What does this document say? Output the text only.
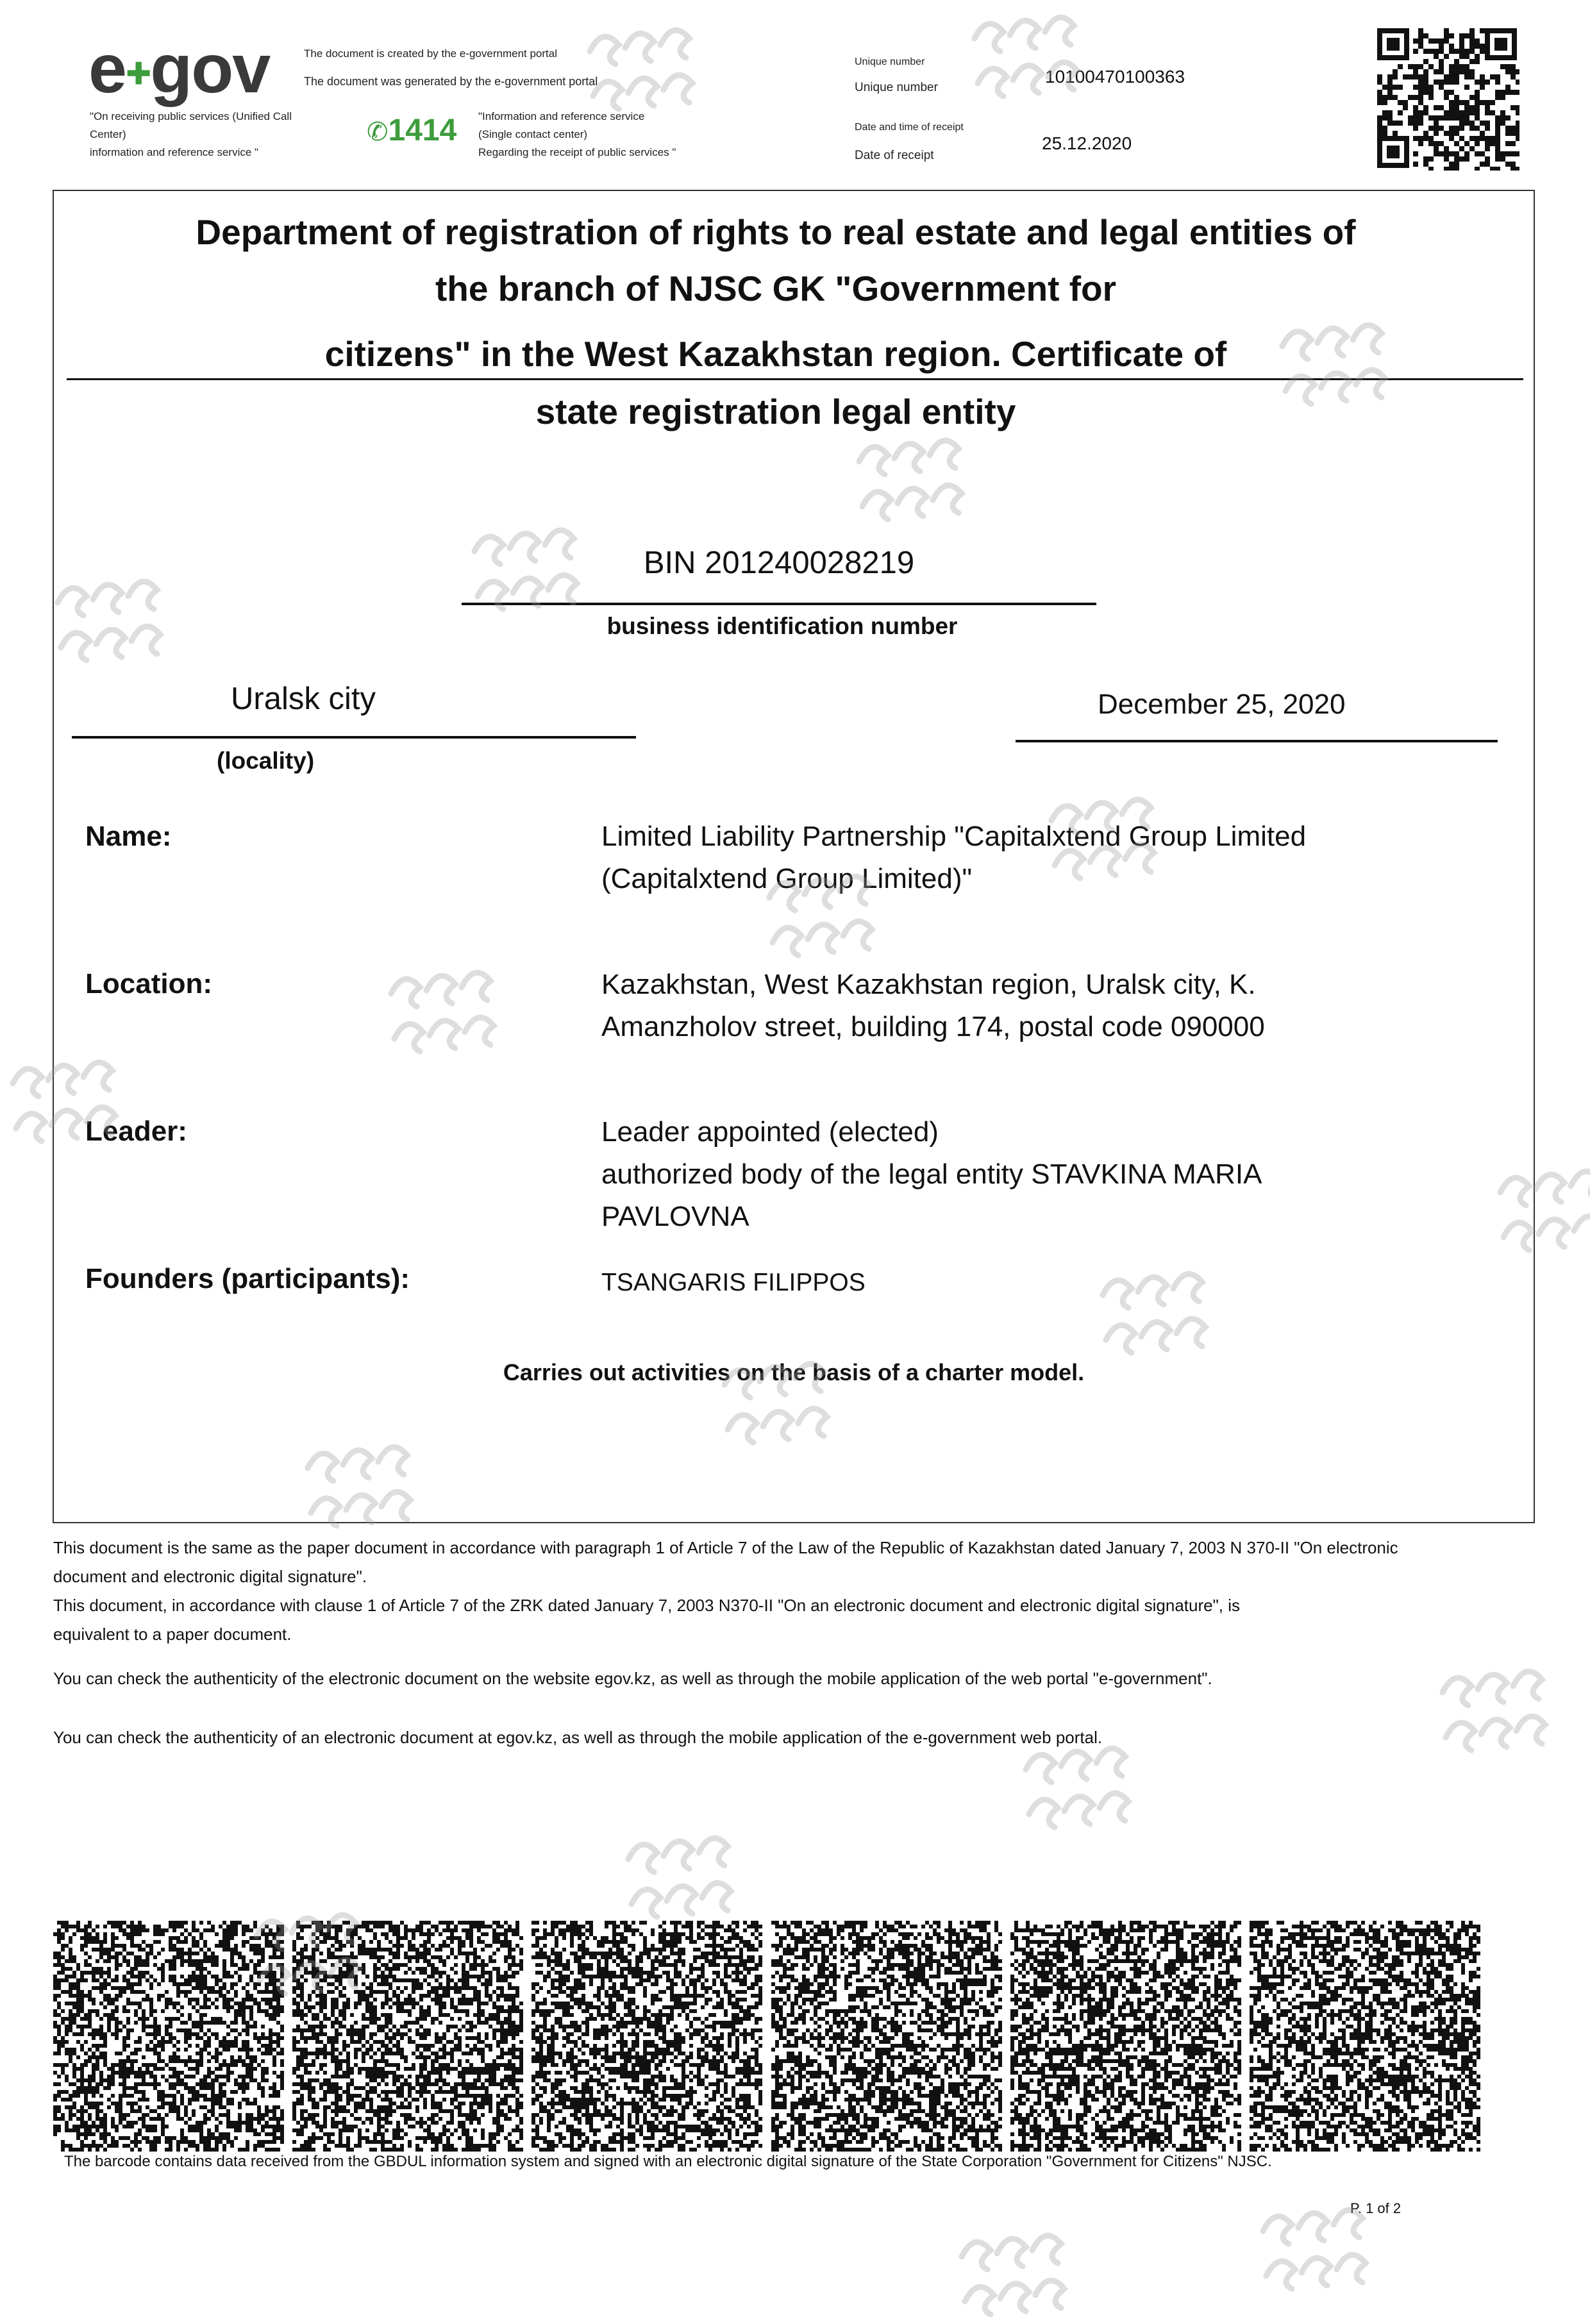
e✚gov	The document is created by the e-government portal
The document was generated by the e-government portal
"On receiving public services (Unified Call
Center)
information and reference service "
✆1414 "Information and reference service
(Single contact center)
Regarding the receipt of public services "
Unique number
Unique number
10100470100363
Date and time of receipt
Date of receipt
25.12.2020
Department of registration of rights to real estate and legal entities of
the branch of NJSC GK "Government for
citizens" in the West Kazakhstan region. Certificate of
state registration legal entity
BIN 201240028219
business identification number
Uralsk city
(locality)
December 25, 2020
Name:	Limited Liability Partnership "Capitalxtend Group Limited
(Capitalxtend Group Limited)"
Location:	Kazakhstan, West Kazakhstan region, Uralsk city, K.
Amanzholov street, building 174, postal code 090000
Leader:	Leader appointed (elected)
authorized body of the legal entity STAVKINA MARIA
PAVLOVNA
Founders (participants):	TSANGARIS FILIPPOS
Carries out activities on the basis of a charter model.
This document is the same as the paper document in accordance with paragraph 1 of Article 7 of the Law of the Republic of Kazakhstan dated January 7, 2003 N 370-II "On electronic
document and electronic digital signature".
This document, in accordance with clause 1 of Article 7 of the ZRK dated January 7, 2003 N370-II "On an electronic document and electronic digital signature", is
equivalent to a paper document.
You can check the authenticity of the electronic document on the website egov.kz, as well as through the mobile application of the web portal "e-government".
You can check the authenticity of an electronic document at egov.kz, as well as through the mobile application of the e-government web portal.
The barcode contains data received from the GBDUL information system and signed with an electronic digital signature of the State Corporation "Government for Citizens" NJSC.
P. 1 of 2
